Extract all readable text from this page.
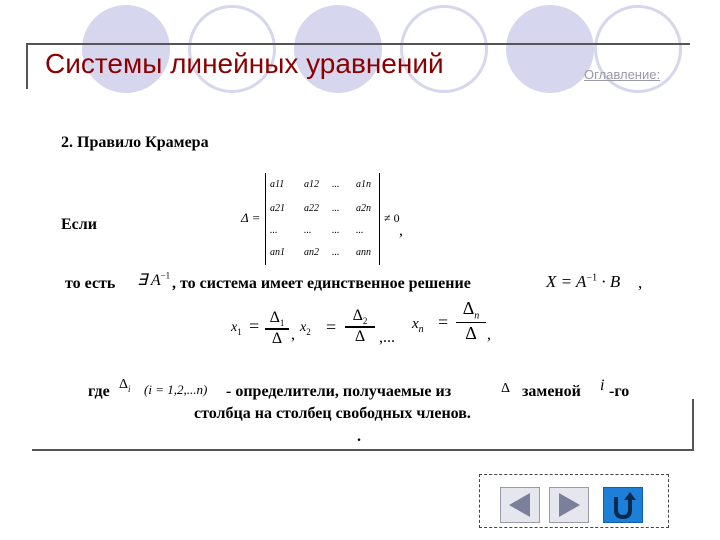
Системы линейных уравнений	Оглавление:
2. Правило Крамера
Если	Δ =
a11 a12 ... a1n
a21 a22 ... a2n
...	... ... ...
an1 an2 ... ann
≠ 0
,
то есть ∃ $A^{-1}$ , то система имеет единственное решение	$X = A^{-1} \cdot B$ ,
$x_1 = \Delta_1$
Δ , $x_2$ =
$\Delta_2$
Δ ,...
$x_n$ =
$\Delta_n$
Δ ,
где $\Delta_i$ (i = 1,2,...n) - определители, получаемые из	Δ заменой i -го
столбца на столбец свободных членов.
.
